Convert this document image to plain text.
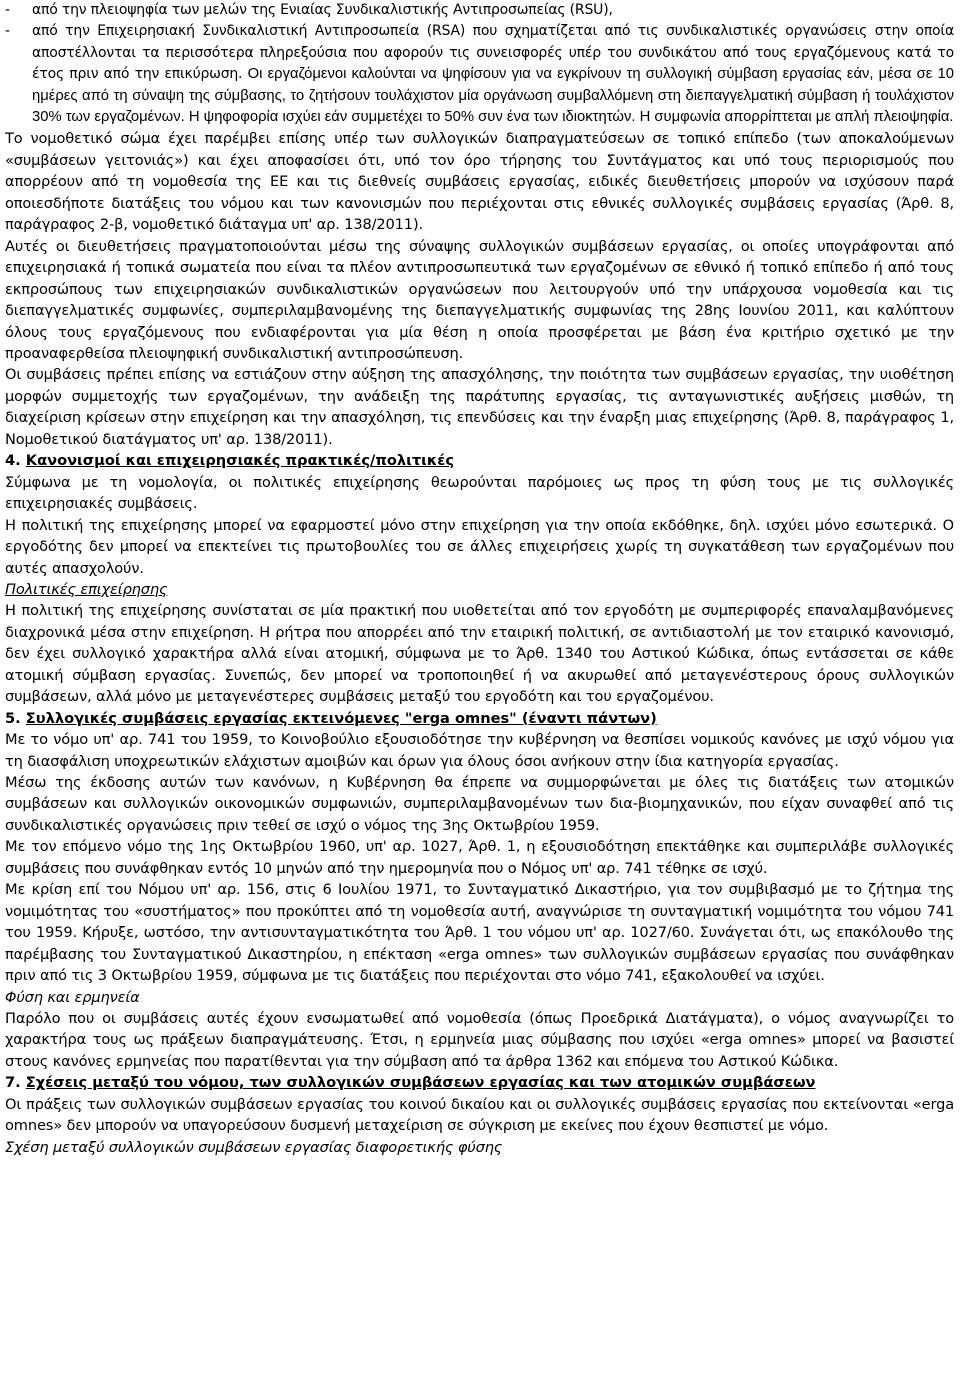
-	από την πλειοψηφία των μελών της Ενιαίας Συνδικαλιστικής Αντιπροσωπείας (RSU),
-	από την Επιχειρησιακή Συνδικαλιστική Αντιπροσωπεία (RSA) που σχηματίζεται από τις συνδικαλιστικές οργανώσεις στην οποία αποστέλλονται τα περισσότερα πληρεξούσια που αφορούν τις συνεισφορές υπέρ του συνδικάτου από τους εργαζόμενους κατά το έτος πριν από την επικύρωση. Οι εργαζόμενοι καλούνται να ψηφίσουν για να εγκρίνουν τη συλλογική σύμβαση εργασίας εάν, μέσα σε 10 ημέρες από τη σύναψη της σύμβασης, το ζητήσουν τουλάχιστον μία οργάνωση συμβαλλόμενη στη διεπαγγελματική σύμβαση ή τουλάχιστον 30% των εργαζομένων. Η ψηφοφορία ισχύει εάν συμμετέχει το 50% συν ένα των ιδιοκτητών. Η συμφωνία απορρίπτεται με απλή πλειοψηφία.

Το νομοθετικό σώμα έχει παρέμβει επίσης υπέρ των συλλογικών διαπραγματεύσεων σε τοπικό επίπεδο (των αποκαλούμενων «συμβάσεων γειτονιάς») και έχει αποφασίσει ότι, υπό τον όρο τήρησης του Συντάγματος και υπό τους περιορισμούς που απορρέουν από τη νομοθεσία της ΕΕ και τις διεθνείς συμβάσεις εργασίας, ειδικές διευθετήσεις μπορούν να ισχύσουν παρά οποιεσδήποτε διατάξεις του νόμου και των κανονισμών που περιέχονται στις εθνικές συλλογικές συμβάσεις εργασίας (Άρθ. 8, παράγραφος 2-β, νομοθετικό διάταγμα υπ' αρ. 138/2011).

Αυτές οι διευθετήσεις πραγματοποιούνται μέσω της σύναψης συλλογικών συμβάσεων εργασίας, οι οποίες υπογράφονται από επιχειρησιακά ή τοπικά σωματεία που είναι τα πλέον αντιπροσωπευτικά των εργαζομένων σε εθνικό ή τοπικό επίπεδο ή από τους εκπροσώπους των επιχειρησιακών συνδικαλιστικών οργανώσεων που λειτουργούν υπό την υπάρχουσα νομοθεσία και τις διεπαγγελματικές συμφωνίες, συμπεριλαμβανομένης της διεπαγγελματικής συμφωνίας της 28ης Ιουνίου 2011, και καλύπτουν όλους τους εργαζόμενους που ενδιαφέρονται για μία θέση η οποία προσφέρεται με βάση ένα κριτήριο σχετικό με την προαναφερθείσα πλειοψηφική συνδικαλιστική αντιπροσώπευση.

Οι συμβάσεις πρέπει επίσης να εστιάζουν στην αύξηση της απασχόλησης, την ποιότητα των συμβάσεων εργασίας, την υιοθέτηση μορφών συμμετοχής των εργαζομένων, την ανάδειξη της παράτυπης εργασίας, τις ανταγωνιστικές αυξήσεις μισθών, τη διαχείριση κρίσεων στην επιχείρηση και την απασχόληση, τις επενδύσεις και την έναρξη μιας επιχείρησης (Άρθ. 8, παράγραφος 1, Νομοθετικού διατάγματος υπ' αρ. 138/2011).

4. Κανονισμοί και επιχειρησιακές πρακτικές/πολιτικές

Σύμφωνα με τη νομολογία, οι πολιτικές επιχείρησης θεωρούνται παρόμοιες ως προς τη φύση τους με τις συλλογικές επιχειρησιακές συμβάσεις.

Η πολιτική της επιχείρησης μπορεί να εφαρμοστεί μόνο στην επιχείρηση για την οποία εκδόθηκε, δηλ. ισχύει μόνο εσωτερικά. Ο εργοδότης δεν μπορεί να επεκτείνει τις πρωτοβουλίες του σε άλλες επιχειρήσεις χωρίς τη συγκατάθεση των εργαζομένων που αυτές απασχολούν.

Πολιτικές επιχείρησης

Η πολιτική της επιχείρησης συνίσταται σε μία πρακτική που υιοθετείται από τον εργοδότη με συμπεριφορές επαναλαμβανόμενες διαχρονικά μέσα στην επιχείρηση. Η ρήτρα που απορρέει από την εταιρική πολιτική, σε αντιδιαστολή με τον εταιρικό κανονισμό, δεν έχει συλλογικό χαρακτήρα αλλά είναι ατομική, σύμφωνα με το Άρθ. 1340 του Αστικού Κώδικα, όπως εντάσσεται σε κάθε ατομική σύμβαση εργασίας. Συνεπώς, δεν μπορεί να τροποποιηθεί ή να ακυρωθεί από μεταγενέστερους όρους συλλογικών συμβάσεων, αλλά μόνο με μεταγενέστερες συμβάσεις μεταξύ του εργοδότη και του εργαζομένου.

5. Συλλογικές συμβάσεις εργασίας εκτεινόμενες "erga omnes" (έναντι πάντων)

Με το νόμο υπ' αρ. 741 του 1959, το Κοινοβούλιο εξουσιοδότησε την κυβέρνηση να θεσπίσει νομικούς κανόνες με ισχύ νόμου για τη διασφάλιση υποχρεωτικών ελάχιστων αμοιβών και όρων για όλους όσοι ανήκουν στην ίδια κατηγορία εργασίας.

Μέσω της έκδοσης αυτών των κανόνων, η Κυβέρνηση θα έπρεπε να συμμορφώνεται με όλες τις διατάξεις των ατομικών συμβάσεων και συλλογικών οικονομικών συμφωνιών, συμπεριλαμβανομένων των δια-βιομηχανικών, που είχαν συναφθεί από τις συνδικαλιστικές οργανώσεις πριν τεθεί σε ισχύ ο νόμος της 3ης Οκτωβρίου 1959.

Με τον επόμενο νόμο της 1ης Οκτωβρίου 1960, υπ' αρ. 1027, Άρθ. 1, η εξουσιοδότηση επεκτάθηκε και συμπεριλάβε συλλογικές συμβάσεις που συνάφθηκαν εντός 10 μηνών από την ημερομηνία που ο Νόμος υπ' αρ. 741 τέθηκε σε ισχύ.

Με κρίση επί του Νόμου υπ' αρ. 156, στις 6 Ιουλίου 1971, το Συνταγματικό Δικαστήριο, για τον συμβιβασμό με το ζήτημα της νομιμότητας του «συστήματος» που προκύπτει από τη νομοθεσία αυτή, αναγνώρισε τη συνταγματική νομιμότητα του νόμου 741 του 1959. Κήρυξε, ωστόσο, την αντισυνταγματικότητα του Άρθ. 1 του νόμου υπ' αρ. 1027/60. Συνάγεται ότι, ως επακόλουθο της παρέμβασης του Συνταγματικού Δικαστηρίου, η επέκταση «erga omnes» των συλλογικών συμβάσεων εργασίας που συνάφθηκαν πριν από τις 3 Οκτωβρίου 1959, σύμφωνα με τις διατάξεις που περιέχονται στο νόμο 741, εξακολουθεί να ισχύει.

Φύση και ερμηνεία

Παρόλο που οι συμβάσεις αυτές έχουν ενσωματωθεί από νομοθεσία (όπως Προεδρικά Διατάγματα), ο νόμος αναγνωρίζει το χαρακτήρα τους ως πράξεων διαπραγμάτευσης. Έτσι, η ερμηνεία μιας σύμβασης που ισχύει «erga omnes» μπορεί να βασιστεί στους κανόνες ερμηνείας που παρατίθενται για την σύμβαση από τα άρθρα 1362 και επόμενα του Αστικού Κώδικα.

7. Σχέσεις μεταξύ του νόμου, των συλλογικών συμβάσεων εργασίας και των ατομικών συμβάσεων

Οι πράξεις των συλλογικών συμβάσεων εργασίας του κοινού δικαίου και οι συλλογικές συμβάσεις εργασίας που εκτείνονται «erga omnes» δεν μπορούν να υπαγορεύσουν δυσμενή μεταχείριση σε σύγκριση με εκείνες που έχουν θεσπιστεί με νόμο.

Σχέση μεταξύ συλλογικών συμβάσεων εργασίας διαφορετικής φύσης
